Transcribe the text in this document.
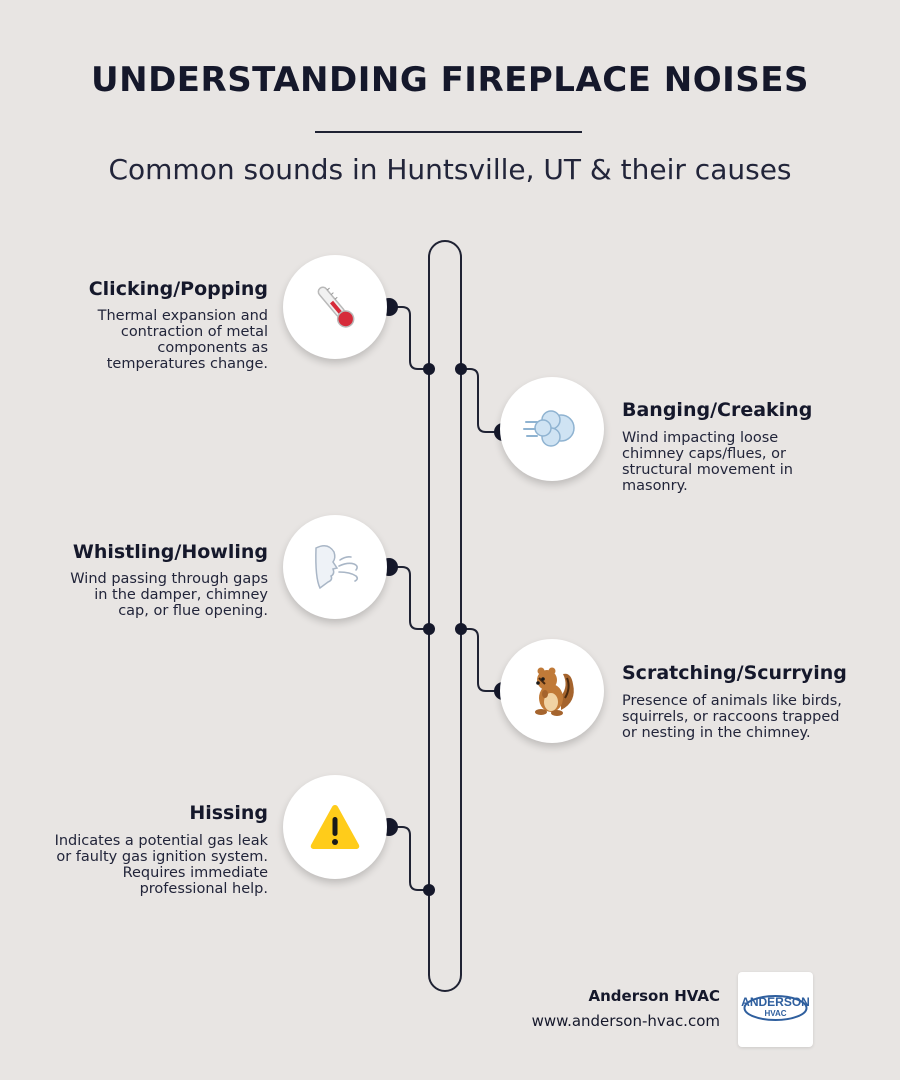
UNDERSTANDING FIREPLACE NOISES
Common sounds in Huntsville, UT & their causes
Clicking/Popping
Thermal expansion and contraction of metal components as temperatures change.
Banging/Creaking
Wind impacting loose chimney caps/flues, or structural movement in masonry.
Whistling/Howling
Wind passing through gaps in the damper, chimney cap, or flue opening.
Scratching/Scurrying
Presence of animals like birds, squirrels, or raccoons trapped or nesting in the chimney.
Hissing
Indicates a potential gas leak or faulty gas ignition system. Requires immediate professional help.
Anderson HVAC
www.anderson-hvac.com
ANDERSON
HVAC
